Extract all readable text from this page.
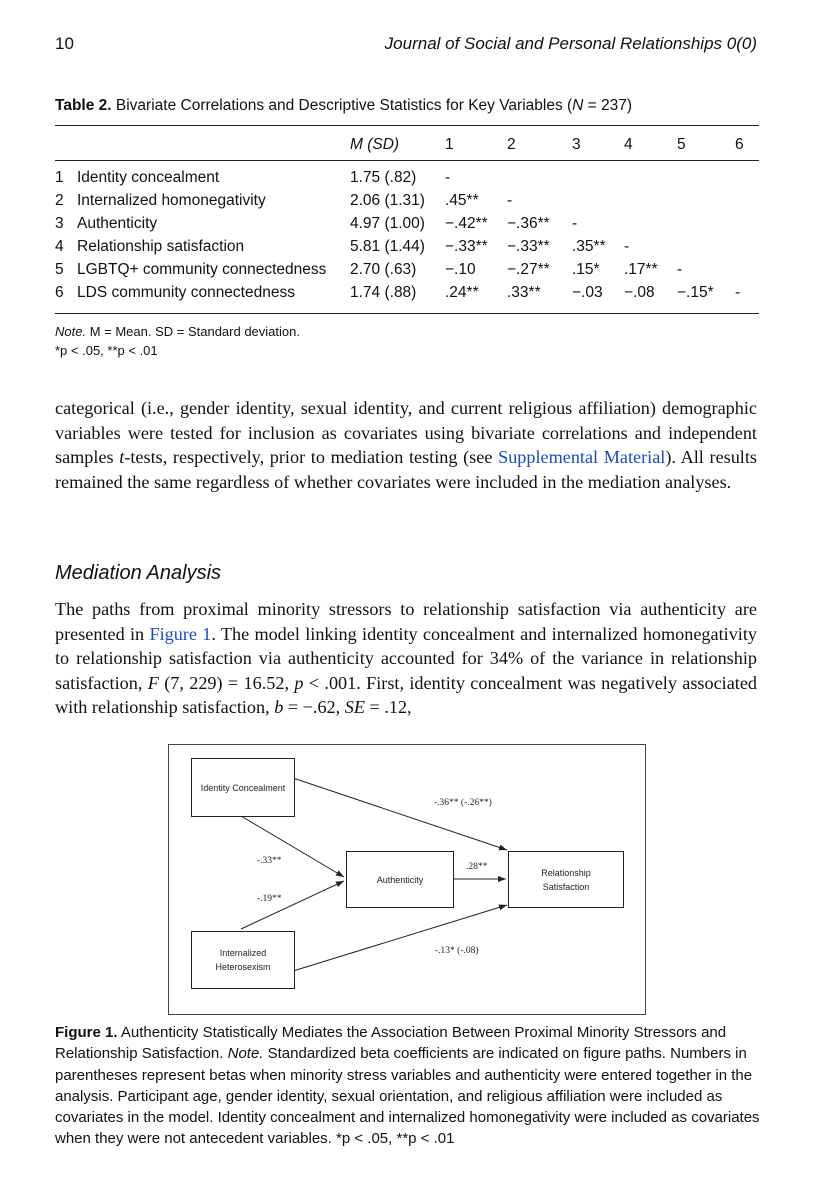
10	Journal of Social and Personal Relationships 0(0)
Table 2. Bivariate Correlations and Descriptive Statistics for Key Variables (N = 237)
		M (SD)	1	2	3	4	5	6

1	Identity concealment	1.75 (.82)	-					
2	Internalized homonegativity	2.06 (1.31)	.45**	-				
3	Authenticity	4.97 (1.00)	−.42**	−.36**	-			
4	Relationship satisfaction	5.81 (1.44)	−.33**	−.33**	.35**	-		
5	LGBTQ+ community connectedness	2.70 (.63)	−.10	−.27**	.15*	.17**	-	
6	LDS community connectedness	1.74 (.88)	.24**	.33**	−.03	−.08	−.15*	-
Note. M = Mean. SD = Standard deviation.
*p < .05, **p < .01
categorical (i.e., gender identity, sexual identity, and current religious affiliation) demographic variables were tested for inclusion as covariates using bivariate correlations and independent samples t-tests, respectively, prior to mediation testing (see Supplemental Material). All results remained the same regardless of whether covariates were included in the mediation analyses.
Mediation Analysis
The paths from proximal minority stressors to relationship satisfaction via authenticity are presented in Figure 1. The model linking identity concealment and internalized homonegativity to relationship satisfaction via authenticity accounted for 34% of the variance in relationship satisfaction, F (7, 229) = 16.52, p < .001. First, identity concealment was negatively associated with relationship satisfaction, b = −.62, SE = .12,
Identity Concealment
Authenticity
Relationship Satisfaction
Internalized Heterosexism
-.36** (-.26**)
-.33**
-.19**
.28**
-.13* (-.08)
Figure 1. Authenticity Statistically Mediates the Association Between Proximal Minority Stressors and Relationship Satisfaction. Note. Standardized beta coefficients are indicated on figure paths. Numbers in parentheses represent betas when minority stress variables and authenticity were entered together in the analysis. Participant age, gender identity, sexual orientation, and religious affiliation were included as covariates in the model. Identity concealment and internalized homonegativity were included as covariates when they were not antecedent variables. *p < .05, **p < .01
